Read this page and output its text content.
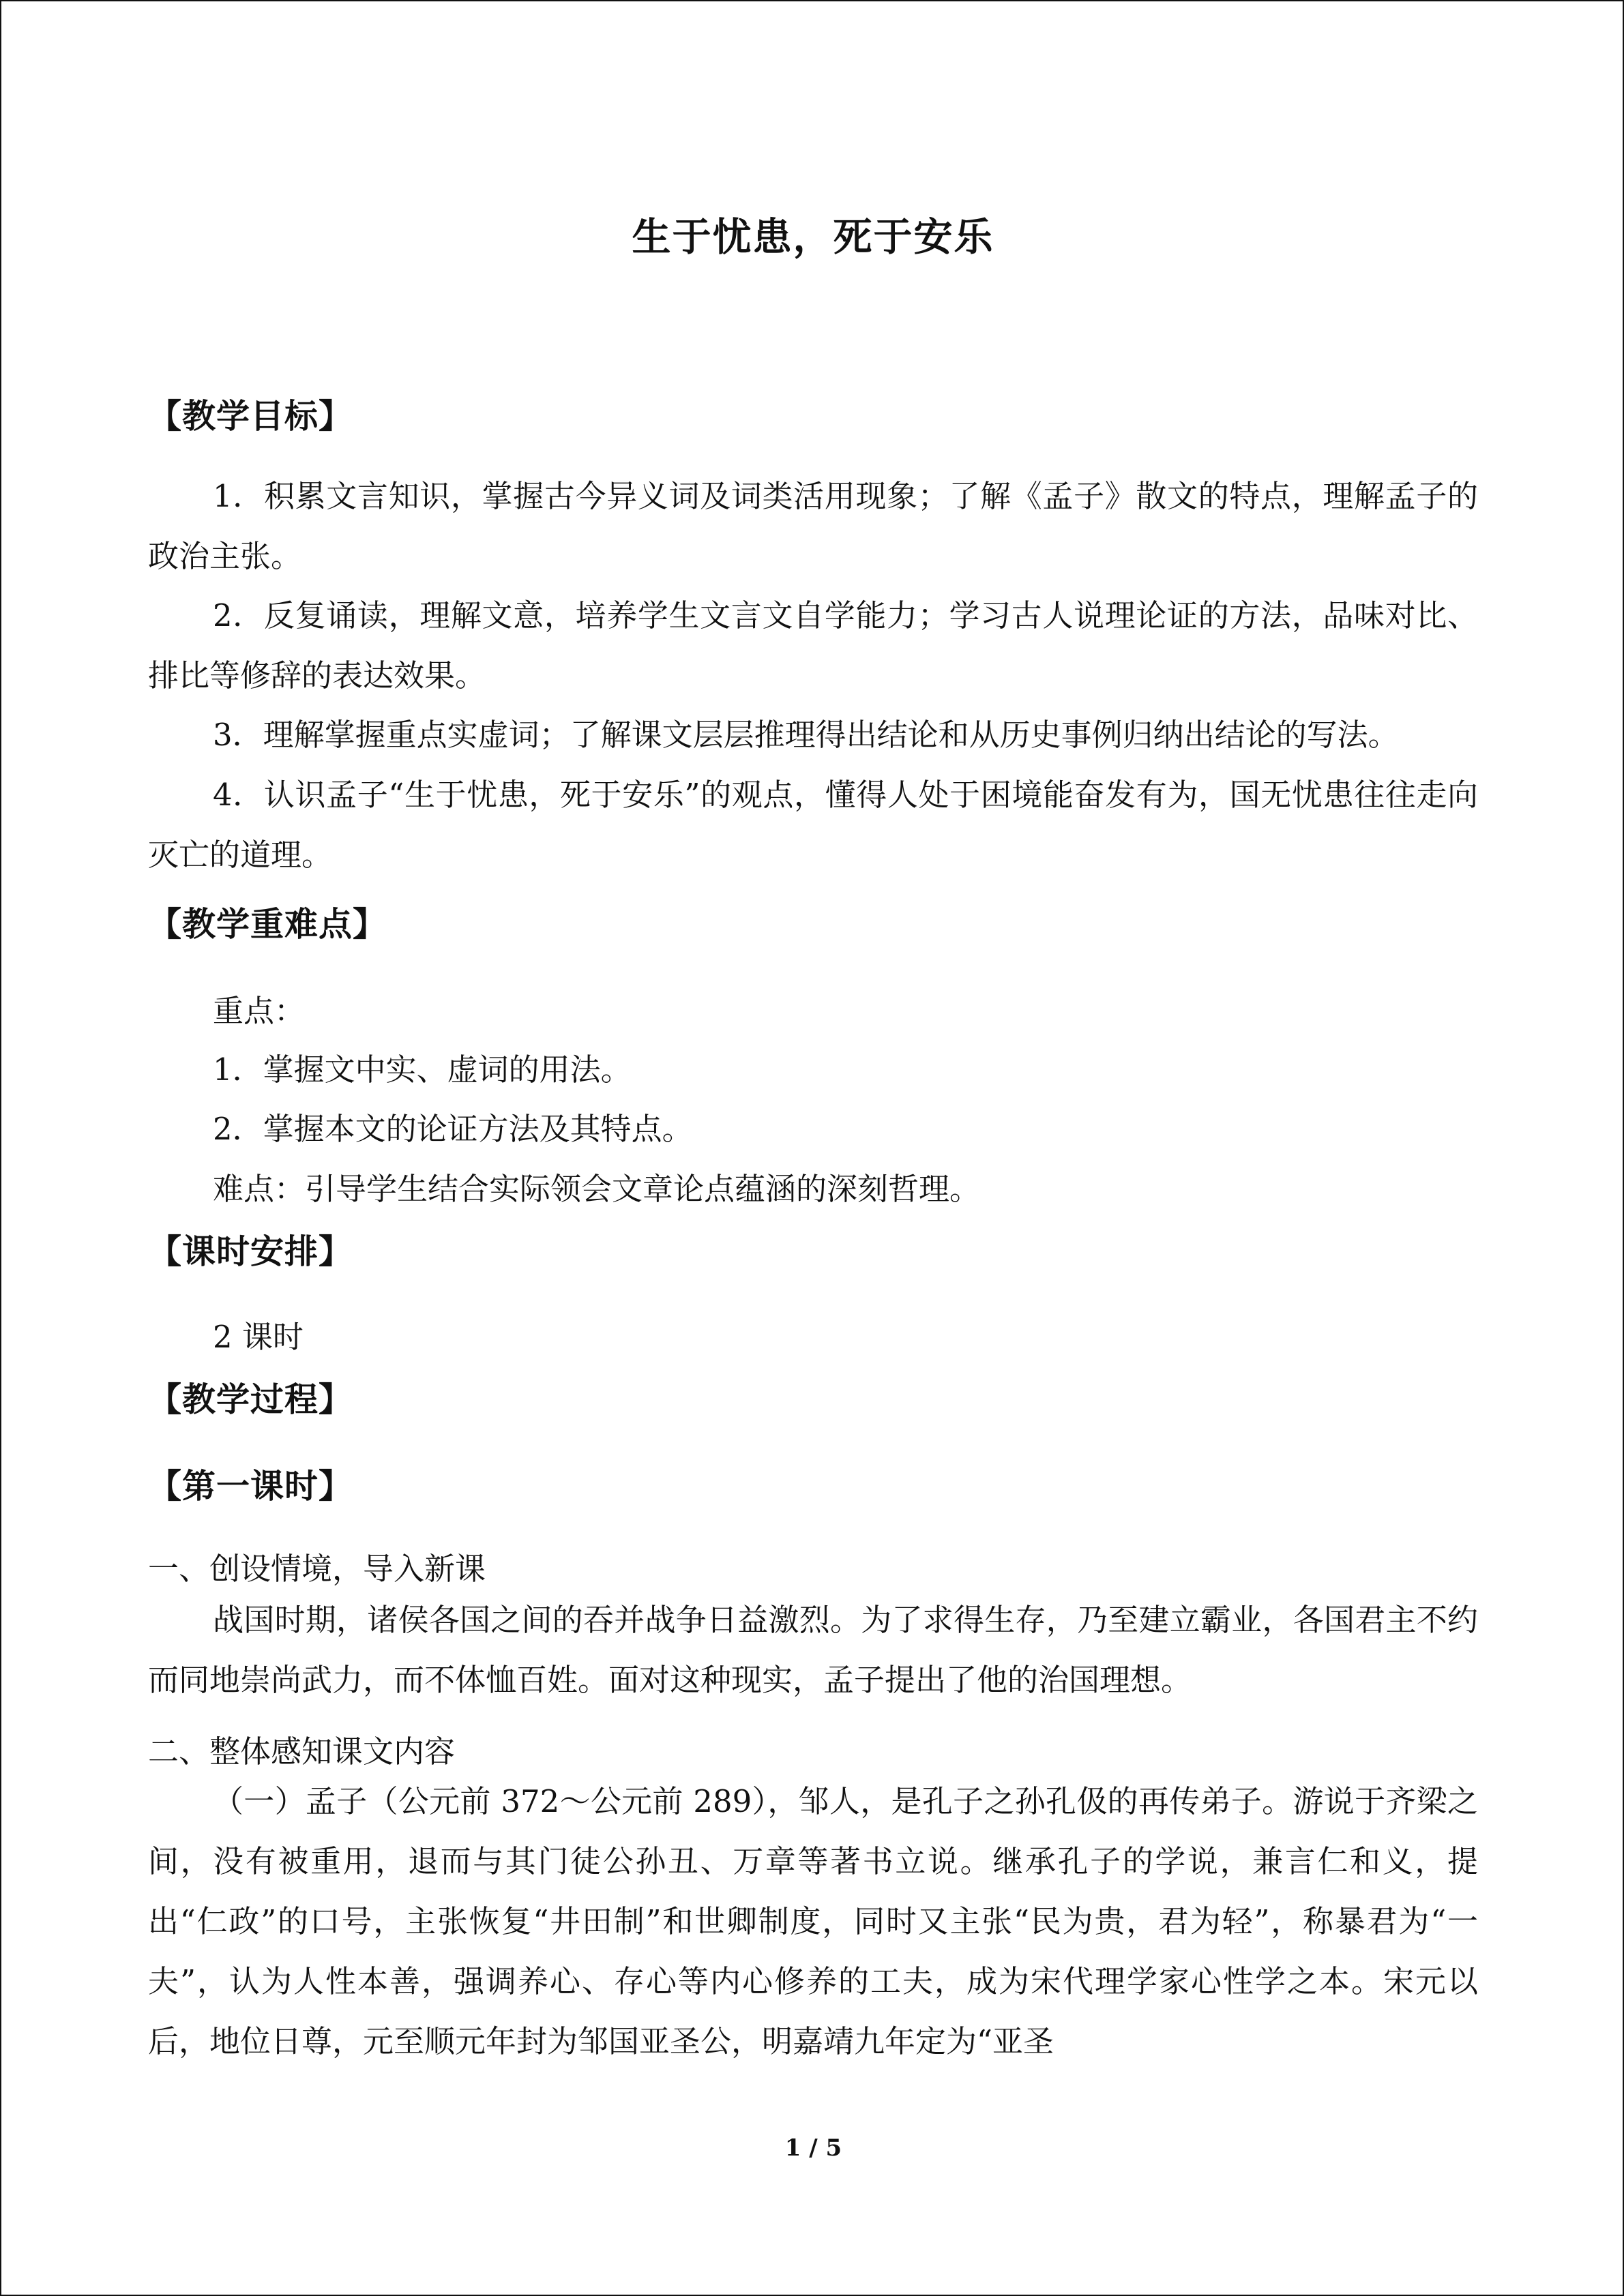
生于忧患，死于安乐
【教学目标】
1．积累文言知识，掌握古今异义词及词类活用现象；了解《孟子》散文的特点，理解孟子的政治主张。
2．反复诵读，理解文意，培养学生文言文自学能力；学习古人说理论证的方法，品味对比、排比等修辞的表达效果。
3．理解掌握重点实虚词；了解课文层层推理得出结论和从历史事例归纳出结论的写法。
4．认识孟子“生于忧患，死于安乐”的观点，懂得人处于困境能奋发有为，国无忧患往往走向灭亡的道理。
【教学重难点】
重点：
1．掌握文中实、虚词的用法。
2．掌握本文的论证方法及其特点。
难点：引导学生结合实际领会文章论点蕴涵的深刻哲理。
【课时安排】
2 课时
【教学过程】
【第一课时】
一、创设情境，导入新课
战国时期，诸侯各国之间的吞并战争日益激烈。为了求得生存，乃至建立霸业，各国君主不约而同地崇尚武力，而不体恤百姓。面对这种现实，孟子提出了他的治国理想。
二、整体感知课文内容
（一）孟子（公元前 372～公元前 289），邹人，是孔子之孙孔伋的再传弟子。游说于齐梁之间，没有被重用，退而与其门徒公孙丑、万章等著书立说。继承孔子的学说，兼言仁和义，提出“仁政”的口号，主张恢复“井田制”和世卿制度，同时又主张“民为贵，君为轻”，称暴君为“一夫”，认为人性本善，强调养心、存心等内心修养的工夫，成为宋代理学家心性学之本。宋元以后，地位日尊，元至顺元年封为邹国亚圣公，明嘉靖九年定为“亚圣
1 / 5
